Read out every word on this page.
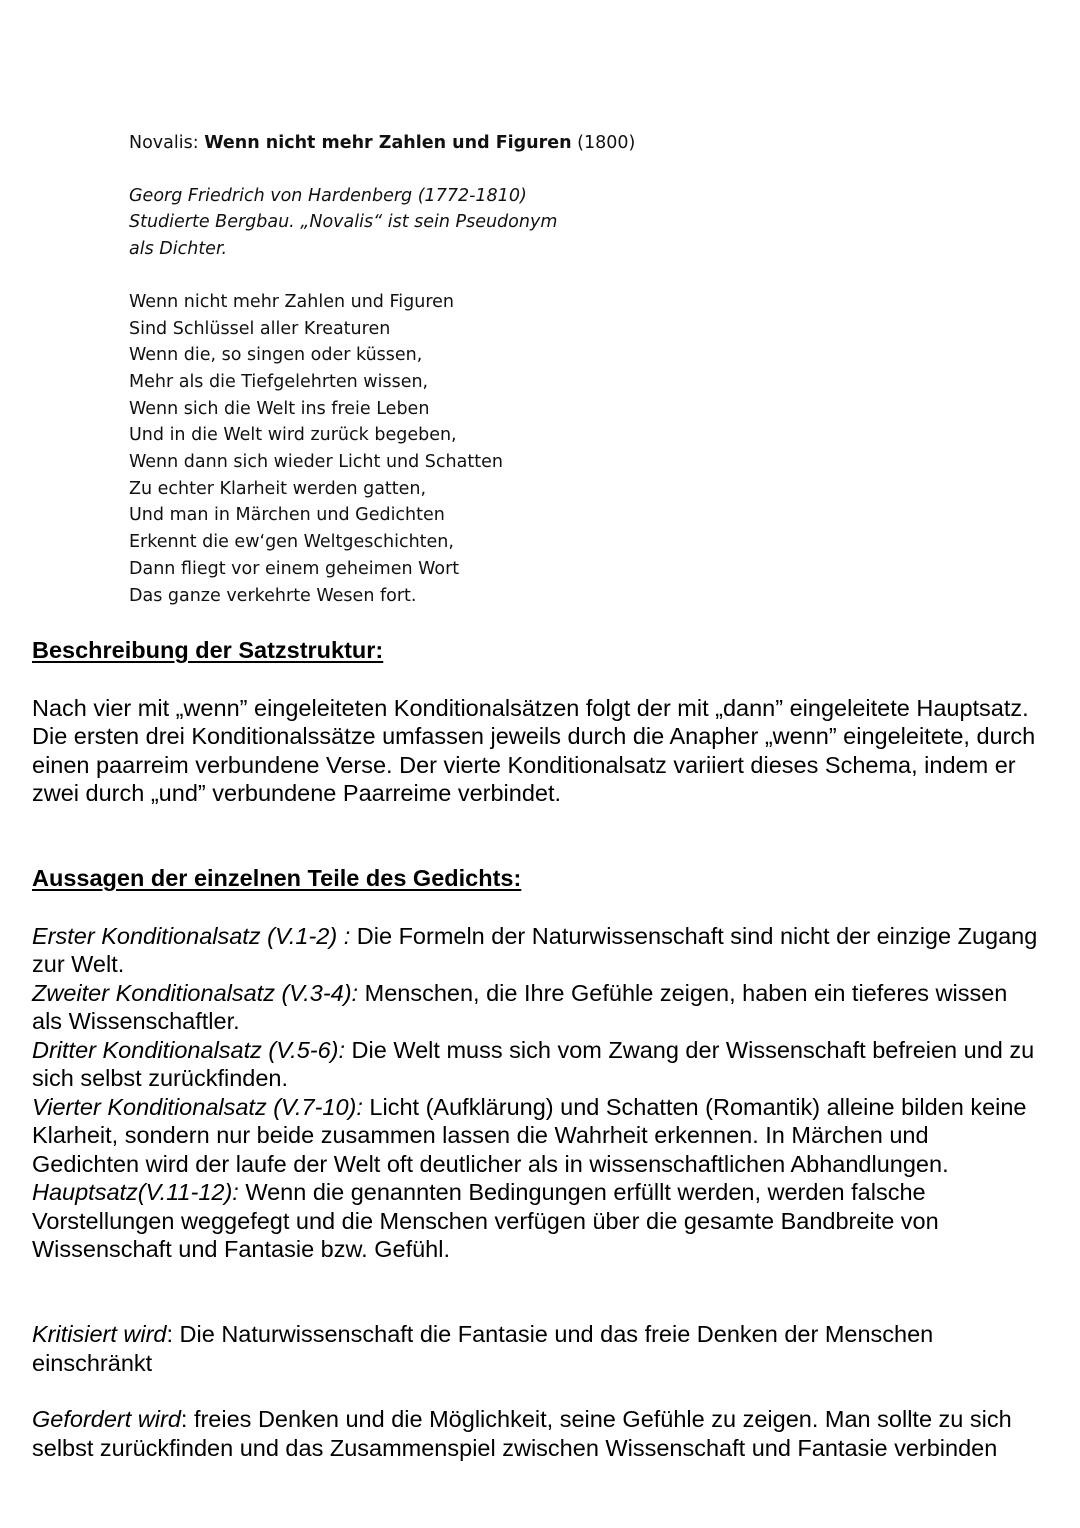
Novalis: Wenn nicht mehr Zahlen und Figuren (1800)
Georg Friedrich von Hardenberg (1772-1810)
Studierte Bergbau. „Novalis“ ist sein Pseudonym
als Dichter.
Wenn nicht mehr Zahlen und Figuren
Sind Schlüssel aller Kreaturen
Wenn die, so singen oder küssen,
Mehr als die Tiefgelehrten wissen,
Wenn sich die Welt ins freie Leben
Und in die Welt wird zurück begeben,
Wenn dann sich wieder Licht und Schatten
Zu echter Klarheit werden gatten,
Und man in Märchen und Gedichten
Erkennt die ew‘gen Weltgeschichten,
Dann fliegt vor einem geheimen Wort
Das ganze verkehrte Wesen fort.
Beschreibung der Satzstruktur:
Nach vier mit „wenn” eingeleiteten Konditionalsätzen folgt der mit „dann” eingeleitete Hauptsatz. Die ersten drei Konditionalssätze umfassen jeweils durch die Anapher „wenn” eingeleitete, durch einen paarreim verbundene Verse. Der vierte Konditionalsatz variiert dieses Schema, indem er zwei durch „und” verbundene Paarreime verbindet.
Aussagen der einzelnen Teile des Gedichts:
Erster Konditionalsatz (V.1-2) : Die Formeln der Naturwissenschaft sind nicht der einzige Zugang zur Welt.
Zweiter Konditionalsatz (V.3-4): Menschen, die Ihre Gefühle zeigen, haben ein tieferes wissen als Wissenschaftler.
Dritter Konditionalsatz (V.5-6): Die Welt muss sich vom Zwang der Wissenschaft befreien und zu sich selbst zurückfinden.
Vierter Konditionalsatz (V.7-10): Licht (Aufklärung) und Schatten (Romantik) alleine bilden keine Klarheit, sondern nur beide zusammen lassen die Wahrheit erkennen. In Märchen und Gedichten wird der laufe der Welt oft deutlicher als in wissenschaftlichen Abhandlungen.
Hauptsatz(V.11-12): Wenn die genannten Bedingungen erfüllt werden, werden falsche Vorstellungen weggefegt und die Menschen verfügen über die gesamte Bandbreite von Wissenschaft und Fantasie bzw. Gefühl.
Kritisiert wird: Die Naturwissenschaft die Fantasie und das freie Denken der Menschen einschränkt
Gefordert wird: freies Denken und die Möglichkeit, seine Gefühle zu zeigen. Man sollte zu sich selbst zurückfinden und das Zusammenspiel zwischen Wissenschaft und Fantasie verbinden
